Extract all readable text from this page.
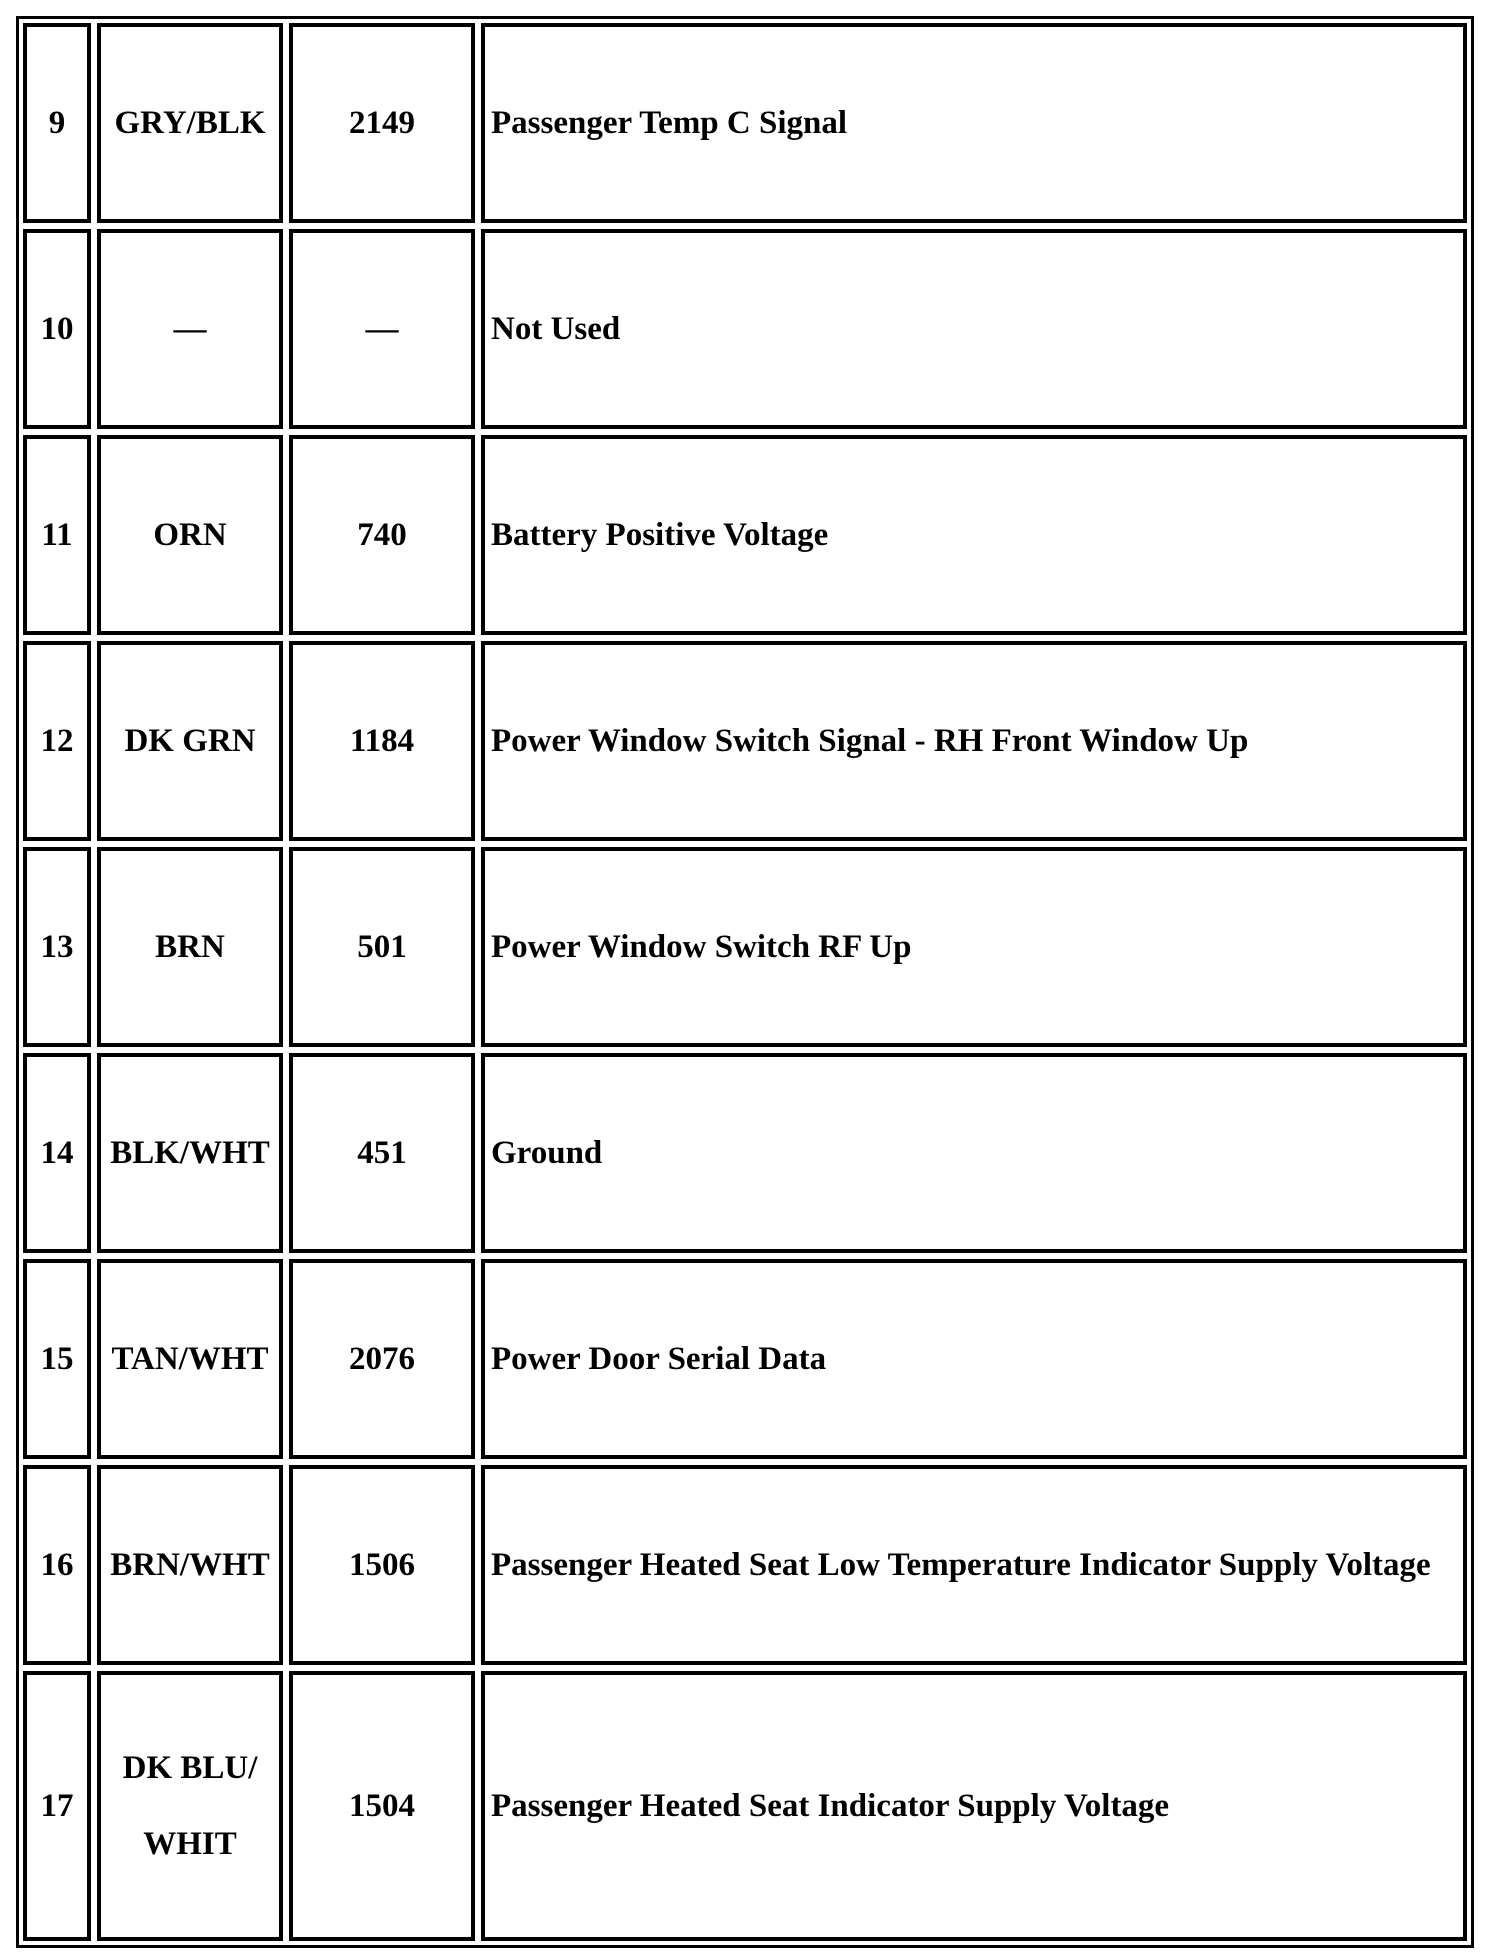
9	GRY/BLK	2149	Passenger Temp C Signal
10	—	—	Not Used
11	ORN	740	Battery Positive Voltage
12	DK GRN	1184	Power Window Switch Signal - RH Front Window Up
13	BRN	501	Power Window Switch RF Up
14	BLK/WHT	451	Ground
15	TAN/WHT	2076	Power Door Serial Data
16	BRN/WHT	1506	Passenger Heated Seat Low Temperature Indicator Supply Voltage
17	DK BLU/ WHIT	1504	Passenger Heated Seat Indicator Supply Voltage
